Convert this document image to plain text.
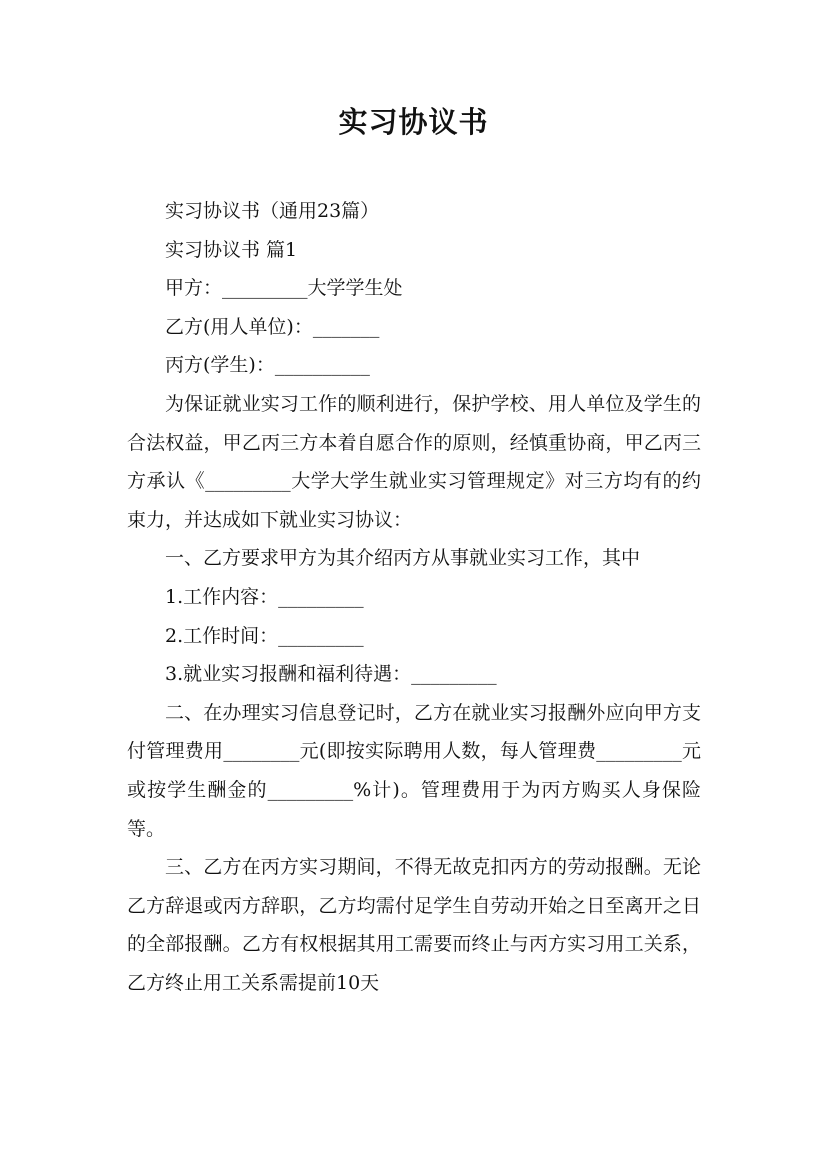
实习协议书

实习协议书（通用23篇）

实习协议书 篇1

甲方：_________大学学生处

乙方(用人单位)：_______

丙方(学生)：__________

为保证就业实习工作的顺利进行，保护学校、用人单位及学生的合法权益，甲乙丙三方本着自愿合作的原则，经慎重协商，甲乙丙三方承认《_________大学大学生就业实习管理规定》对三方均有的约束力，并达成如下就业实习协议：

一、乙方要求甲方为其介绍丙方从事就业实习工作，其中

1.工作内容：_________

2.工作时间：_________

3.就业实习报酬和福利待遇：_________

二、在办理实习信息登记时，乙方在就业实习报酬外应向甲方支付管理费用________元(即按实际聘用人数，每人管理费_________元或按学生酬金的_________%计)。管理费用于为丙方购买人身保险等。

三、乙方在丙方实习期间，不得无故克扣丙方的劳动报酬。无论乙方辞退或丙方辞职，乙方均需付足学生自劳动开始之日至离开之日的全部报酬。乙方有权根据其用工需要而终止与丙方实习用工关系，乙方终止用工关系需提前10天
